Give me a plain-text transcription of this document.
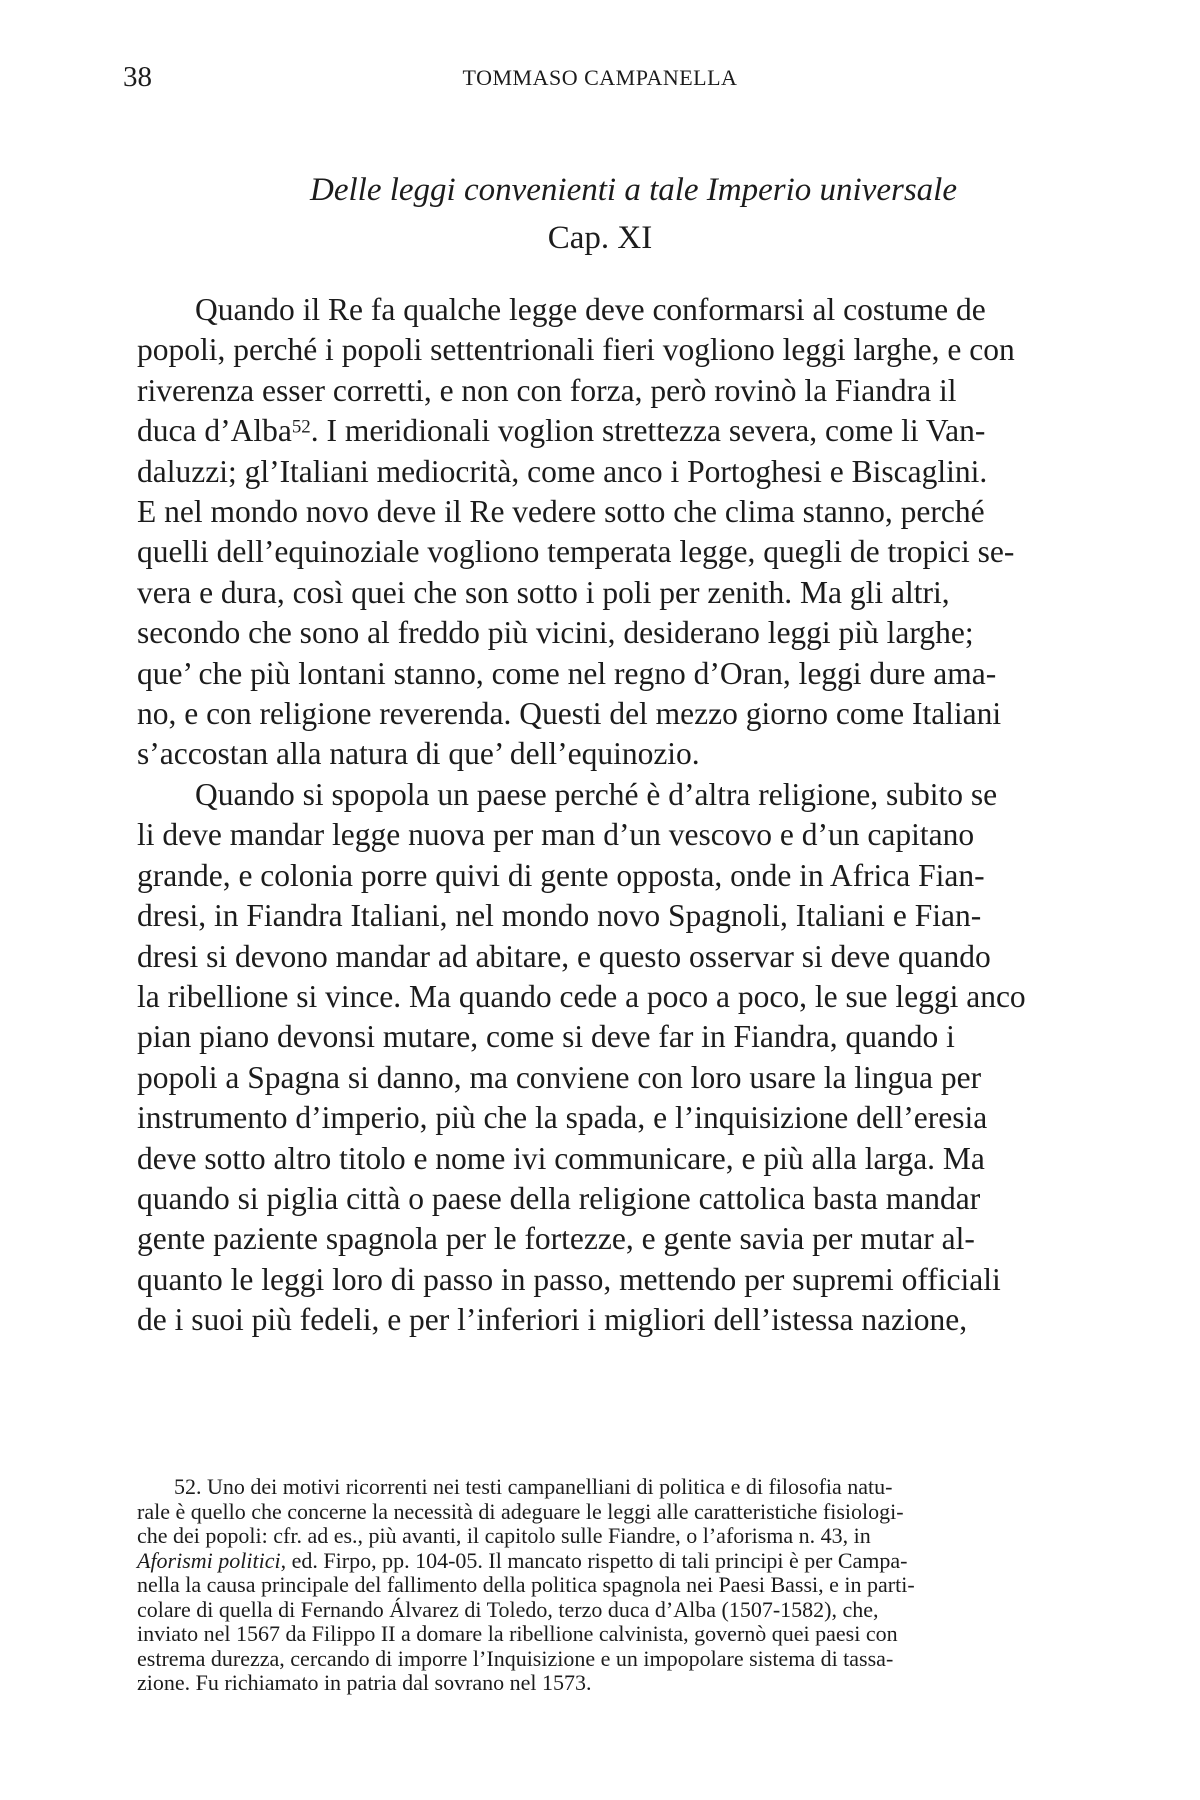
38	TOMMASO CAMPANELLA
Delle leggi convenienti a tale Imperio universale
Cap. XI
Quando il Re fa qualche legge deve conformarsi al costume de
popoli, perché i popoli settentrionali fieri vogliono leggi larghe, e con
riverenza esser corretti, e non con forza, però rovinò la Fiandra il
duca d’Alba$^{52}$. I meridionali voglion strettezza severa, come li Van-
daluzzi; gl’Italiani mediocrità, come anco i Portoghesi e Biscaglini.
E nel mondo novo deve il Re vedere sotto che clima stanno, perché
quelli dell’equinoziale vogliono temperata legge, quegli de tropici se-
vera e dura, così quei che son sotto i poli per zenith. Ma gli altri,
secondo che sono al freddo più vicini, desiderano leggi più larghe;
que’ che più lontani stanno, come nel regno d’Oran, leggi dure ama-
no, e con religione reverenda. Questi del mezzo giorno come Italiani
s’accostan alla natura di que’ dell’equinozio.
Quando si spopola un paese perché è d’altra religione, subito se
li deve mandar legge nuova per man d’un vescovo e d’un capitano
grande, e colonia porre quivi di gente opposta, onde in Africa Fian-
dresi, in Fiandra Italiani, nel mondo novo Spagnoli, Italiani e Fian-
dresi si devono mandar ad abitare, e questo osservar si deve quando
la ribellione si vince. Ma quando cede a poco a poco, le sue leggi anco
pian piano devonsi mutare, come si deve far in Fiandra, quando i
popoli a Spagna si danno, ma conviene con loro usare la lingua per
instrumento d’imperio, più che la spada, e l’inquisizione dell’eresia
deve sotto altro titolo e nome ivi communicare, e più alla larga. Ma
quando si piglia città o paese della religione cattolica basta mandar
gente paziente spagnola per le fortezze, e gente savia per mutar al-
quanto le leggi loro di passo in passo, mettendo per supremi officiali
de i suoi più fedeli, e per l’inferiori i migliori dell’istessa nazione,
52. Uno dei motivi ricorrenti nei testi campanelliani di politica e di filosofia natu-
rale è quello che concerne la necessità di adeguare le leggi alle caratteristiche fisiologi-
che dei popoli: cfr. ad es., più avanti, il capitolo sulle Fiandre, o l’aforisma n. 43, in
Aforismi politici, ed. Firpo, pp. 104-05. Il mancato rispetto di tali principi è per Campa-
nella la causa principale del fallimento della politica spagnola nei Paesi Bassi, e in parti-
colare di quella di Fernando Álvarez di Toledo, terzo duca d’Alba (1507-1582), che,
inviato nel 1567 da Filippo II a domare la ribellione calvinista, governò quei paesi con
estrema durezza, cercando di imporre l’Inquisizione e un impopolare sistema di tassa-
zione. Fu richiamato in patria dal sovrano nel 1573.
